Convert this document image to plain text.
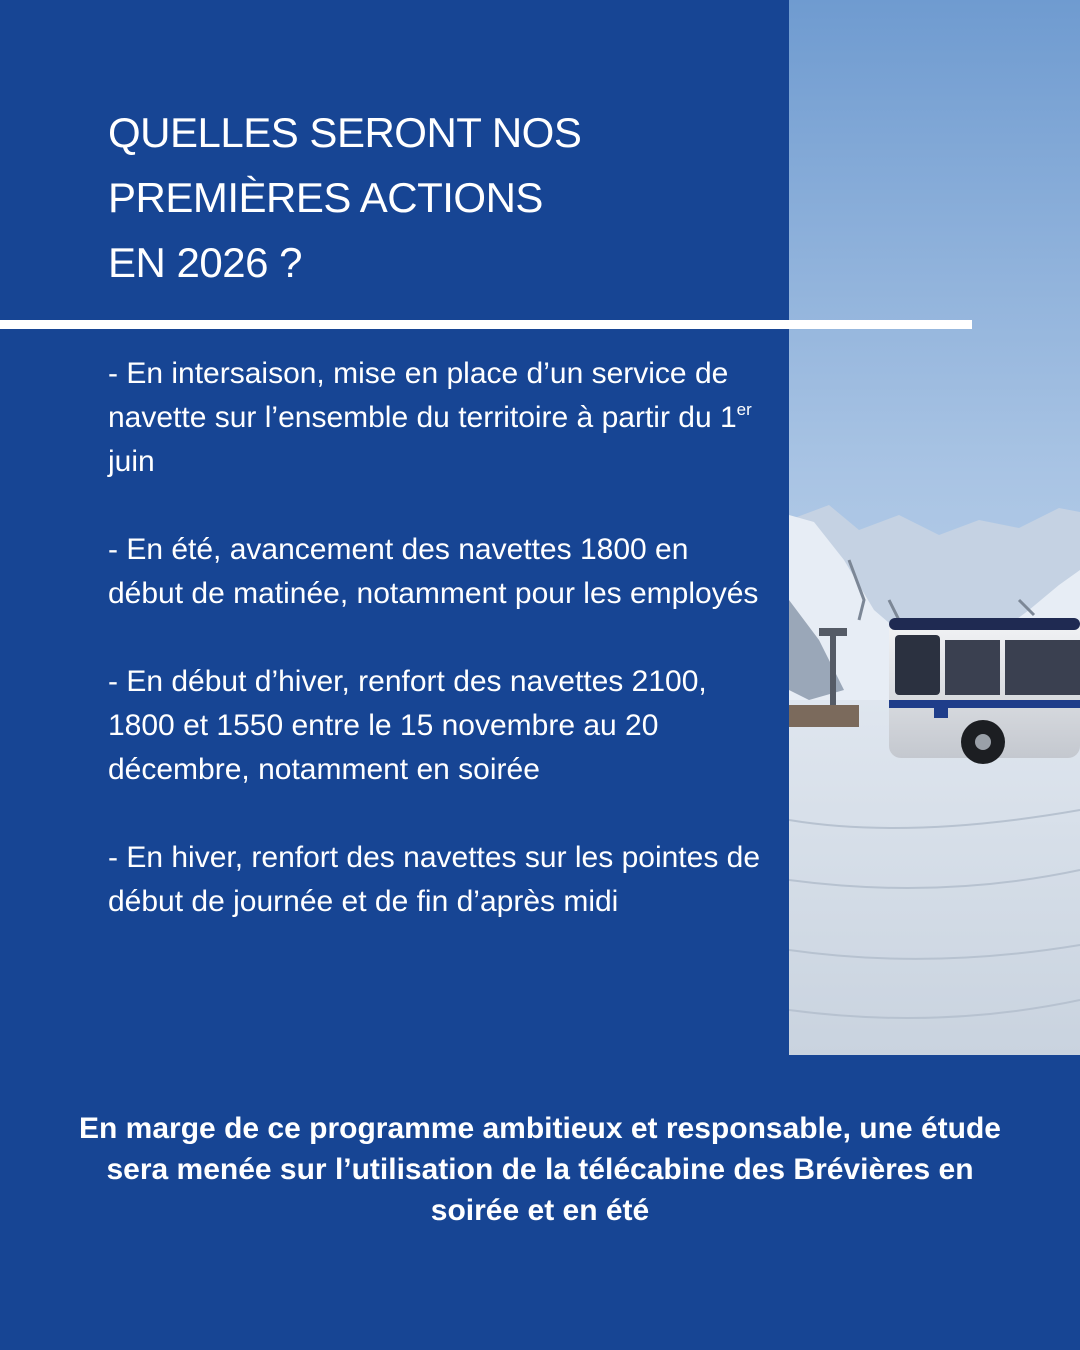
QUELLES SERONT NOS
PREMIÈRES ACTIONS
EN 2026 ?
- En intersaison, mise en place d’un service de navette sur l’ensemble du territoire à partir du 1er juin
- En été, avancement des navettes 1800 en début de matinée, notamment pour les employés
- En début d’hiver, renfort des navettes 2100, 1800 et 1550 entre le 15 novembre au 20 décembre, notamment en soirée
- En hiver, renfort des navettes sur les pointes de début de journée et de fin d’après midi

En marge de ce programme ambitieux et responsable, une étude sera menée sur l’utilisation de la télécabine des Brévières en soirée et en été
